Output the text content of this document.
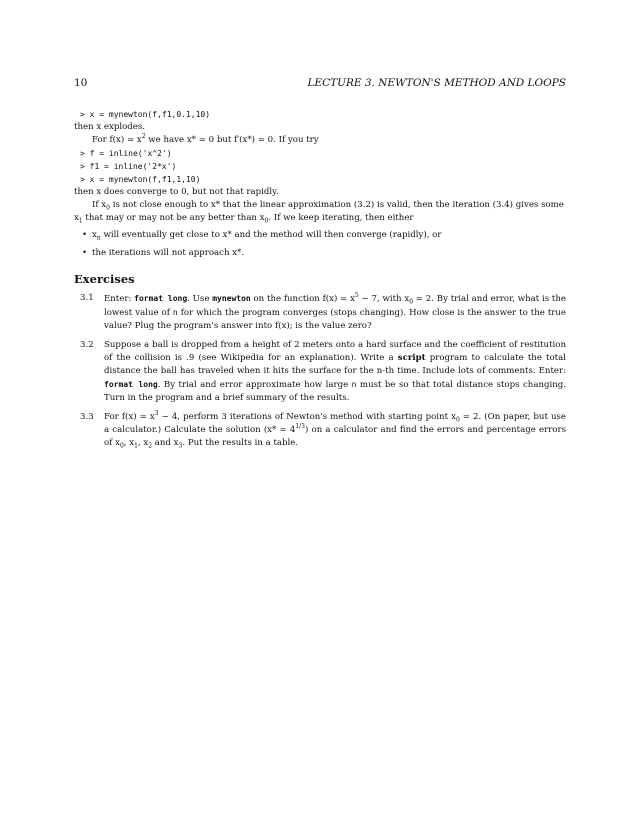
10	LECTURE 3. NEWTON'S METHOD AND LOOPS
> x = mynewton(f,f1,0.1,10)

then x explodes.

For $f(x) = x^2$ we have x* = 0 but f′(x*) = 0. If you try

> f = inline('x^2')
> f1 = inline('2*x')
> x = mynewton(f,f1,1,10)

then x does converge to 0, but not that rapidly.

If $x_0$ is not close enough to x* that the linear approximation (3.2) is valid, then the iteration (3.4) gives some $x_1$ that may or may not be any better than $x_0$. If we keep iterating, then either

• $x_n$ will eventually get close to x* and the method will then converge (rapidly), or
• the iterations will not approach x*.
Exercises
3.1 Enter: format long. Use mynewton on the function $f(x) = x^5 - 7$, with $x_0 = 2$. By trial and error, what is the lowest value of n for which the program converges (stops changing). How close is the answer to the true value? Plug the program's answer into f(x); is the value zero?
3.2 Suppose a ball is dropped from a height of 2 meters onto a hard surface and the coefficient of restitution of the collision is .9 (see Wikipedia for an explanation). Write a script program to calculate the total distance the ball has traveled when it hits the surface for the n-th time. Include lots of comments. Enter: format long. By trial and error approximate how large n must be so that total distance stops changing. Turn in the program and a brief summary of the results.
3.3 For $f(x) = x^3 - 4$, perform 3 iterations of Newton's method with starting point $x_0 = 2$. (On paper, but use a calculator.) Calculate the solution $(x* = 4^{1/3})$ on a calculator and find the errors and percentage errors of $x_0$, $x_1$, $x_2$ and $x_3$. Put the results in a table.
